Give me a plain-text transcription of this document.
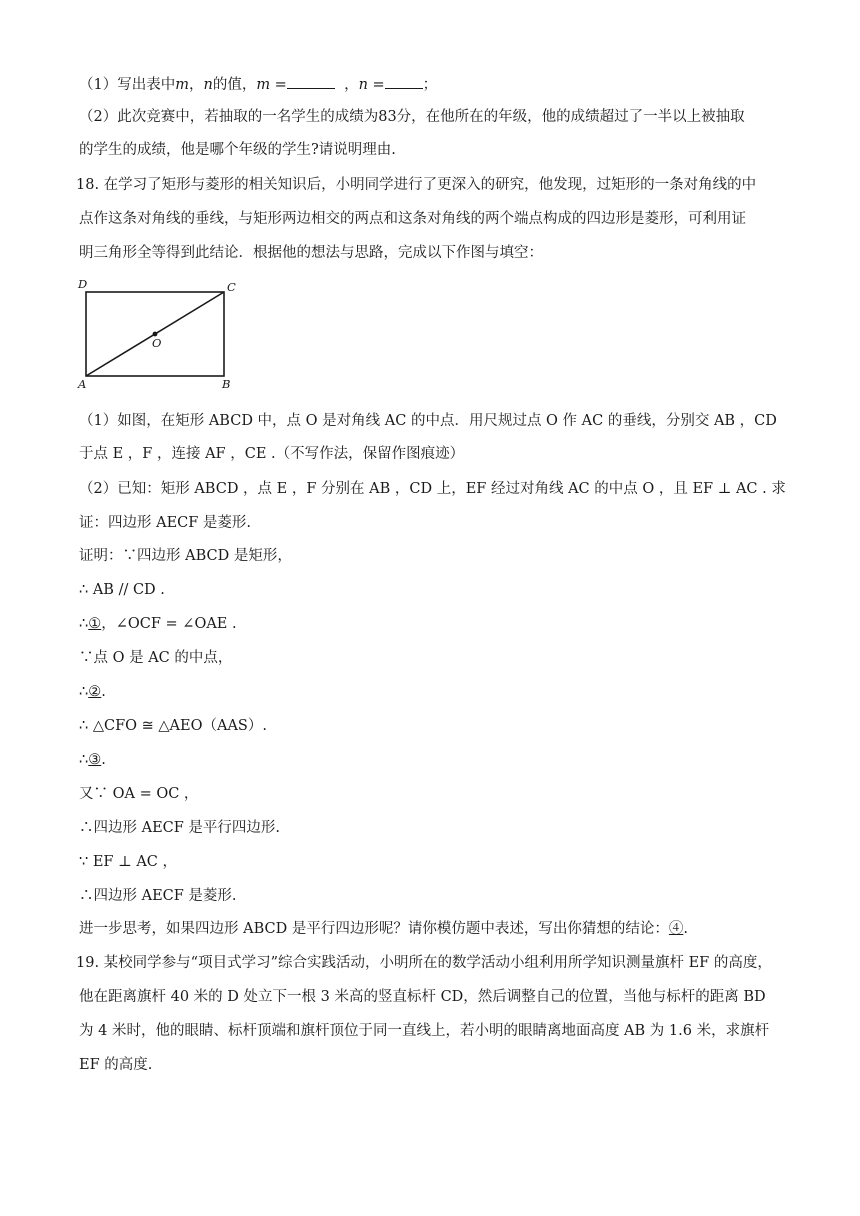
（1）写出表中m，n的值，m =	，n =	；
（2）此次竞赛中，若抽取的一名学生的成绩为83分，在他所在的年级，他的成绩超过了一半以上被抽取
的学生的成绩，他是哪个年级的学生?请说明理由.
18. 在学习了矩形与菱形的相关知识后，小明同学进行了更深入的研究，他发现，过矩形的一条对角线的中
点作这条对角线的垂线，与矩形两边相交的两点和这条对角线的两个端点构成的四边形是菱形，可利用证
明三角形全等得到此结论．根据他的想法与思路，完成以下作图与填空：
D	C
A	B
O
（1）如图，在矩形 ABCD 中，点 O 是对角线 AC 的中点．用尺规过点 O 作 AC 的垂线，分别交 AB ，CD
于点 E ，F ，连接 AF ，CE .（不写作法，保留作图痕迹）
（2）已知：矩形 ABCD ，点 E ，F 分别在 AB ，CD 上，EF 经过对角线 AC 的中点 O ，且 EF ⊥ AC . 求
证：四边形 AECF 是菱形.
证明：∵四边形 ABCD 是矩形，
∴ AB // CD .
∴①，∠OCF = ∠OAE .
∵点 O 是 AC 的中点，
∴②.
∴ △CFO ≅ △AEO（AAS）.
∴③.
又∵ OA = OC ，
∴四边形 AECF 是平行四边形.
∵ EF ⊥ AC ，
∴四边形 AECF 是菱形.
进一步思考，如果四边形 ABCD 是平行四边形呢？请你模仿题中表述，写出你猜想的结论：④.
19. 某校同学参与“项目式学习”综合实践活动，小明所在的数学活动小组利用所学知识测量旗杆 EF 的高度，
他在距离旗杆 40 米的 D 处立下一根 3 米高的竖直标杆 CD，然后调整自己的位置，当他与标杆的距离 BD
为 4 米时，他的眼睛、标杆顶端和旗杆顶位于同一直线上，若小明的眼睛离地面高度 AB 为 1.6 米，求旗杆
EF 的高度.
